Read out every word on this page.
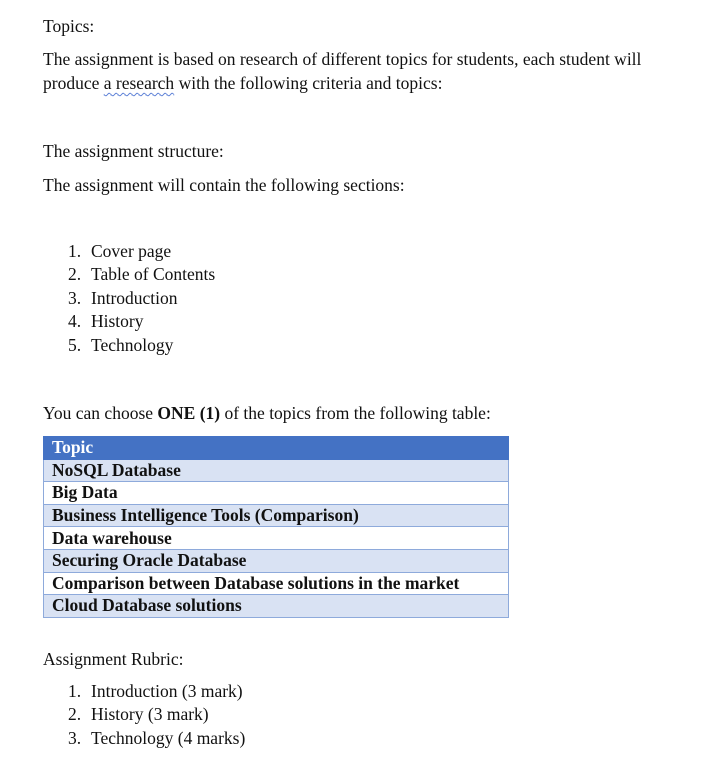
Topics:

The assignment is based on research of different topics for students, each student will

produce a research with the following criteria and topics:

The assignment structure:

The assignment will contain the following sections:

1. Cover page
2. Table of Contents
3. Introduction
4. History
5. Technology

You can choose ONE (1) of the topics from the following table:

Topic
NoSQL Database
Big Data
Business Intelligence Tools (Comparison)
Data warehouse
Securing Oracle Database
Comparison between Database solutions in the market
Cloud Database solutions

Assignment Rubric:

1. Introduction (3 mark)
2. History (3 mark)
3. Technology (4 marks)
